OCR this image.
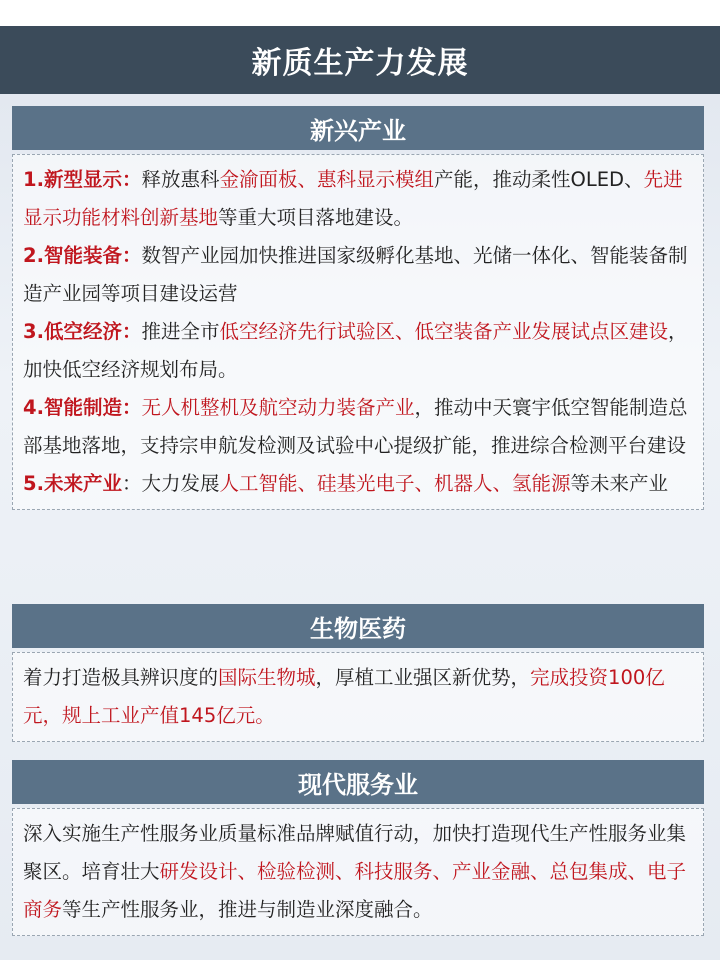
新质生产力发展
新兴产业

1.新型显示：释放惠科金渝面板、惠科显示模组产能，推动柔性OLED、先进显示功能材料创新基地等重大项目落地建设。

2.智能装备：数智产业园加快推进国家级孵化基地、光储一体化、智能装备制造产业园等项目建设运营

3.低空经济：推进全市低空经济先行试验区、低空装备产业发展试点区建设，加快低空经济规划布局。

4.智能制造：无人机整机及航空动力装备产业，推动中天寰宇低空智能制造总部基地落地，支持宗申航发检测及试验中心提级扩能，推进综合检测平台建设

5.未来产业：大力发展人工智能、硅基光电子、机器人、氢能源等未来产业

生物医药

着力打造极具辨识度的国际生物城，厚植工业强区新优势，完成投资100亿元，规上工业产值145亿元。

现代服务业

深入实施生产性服务业质量标准品牌赋值行动，加快打造现代生产性服务业集聚区。培育壮大研发设计、检验检测、科技服务、产业金融、总包集成、电子商务等生产性服务业，推进与制造业深度融合。
